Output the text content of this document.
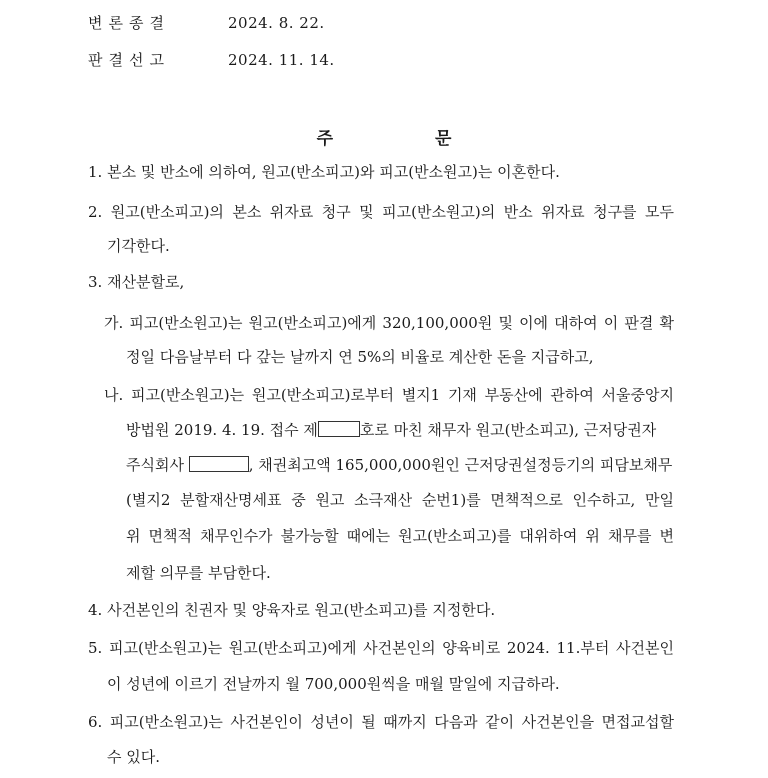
변론종결	2024. 8. 22.
판결선고	2024. 11. 14.
주 문
1. 본소 및 반소에 의하여, 원고(반소피고)와 피고(반소원고)는 이혼한다.
2. 원고(반소피고)의 본소 위자료 청구 및 피고(반소원고)의 반소 위자료 청구를 모두
기각한다.
3. 재산분할로,
가. 피고(반소원고)는 원고(반소피고)에게 320,100,000원 및 이에 대하여 이 판결 확
정일 다음날부터 다 갚는 날까지 연 5%의 비율로 계산한 돈을 지급하고,
나. 피고(반소원고)는 원고(반소피고)로부터 별지1 기재 부동산에 관하여 서울중앙지
방법원 2019. 4. 19. 접수 제	호로 마친 채무자 원고(반소피고), 근저당권자
주식회사	, 채권최고액 165,000,000원인 근저당권설정등기의 피담보채무
(별지2 분할재산명세표 중 원고 소극재산 순번1)를 면책적으로 인수하고, 만일
위 면책적 채무인수가 불가능할 때에는 원고(반소피고)를 대위하여 위 채무를 변
제할 의무를 부담한다.
4. 사건본인의 친권자 및 양육자로 원고(반소피고)를 지정한다.
5. 피고(반소원고)는 원고(반소피고)에게 사건본인의 양육비로 2024. 11.부터 사건본인
이 성년에 이르기 전날까지 월 700,000원씩을 매월 말일에 지급하라.
6. 피고(반소원고)는 사건본인이 성년이 될 때까지 다음과 같이 사건본인을 면접교섭할
수 있다.
